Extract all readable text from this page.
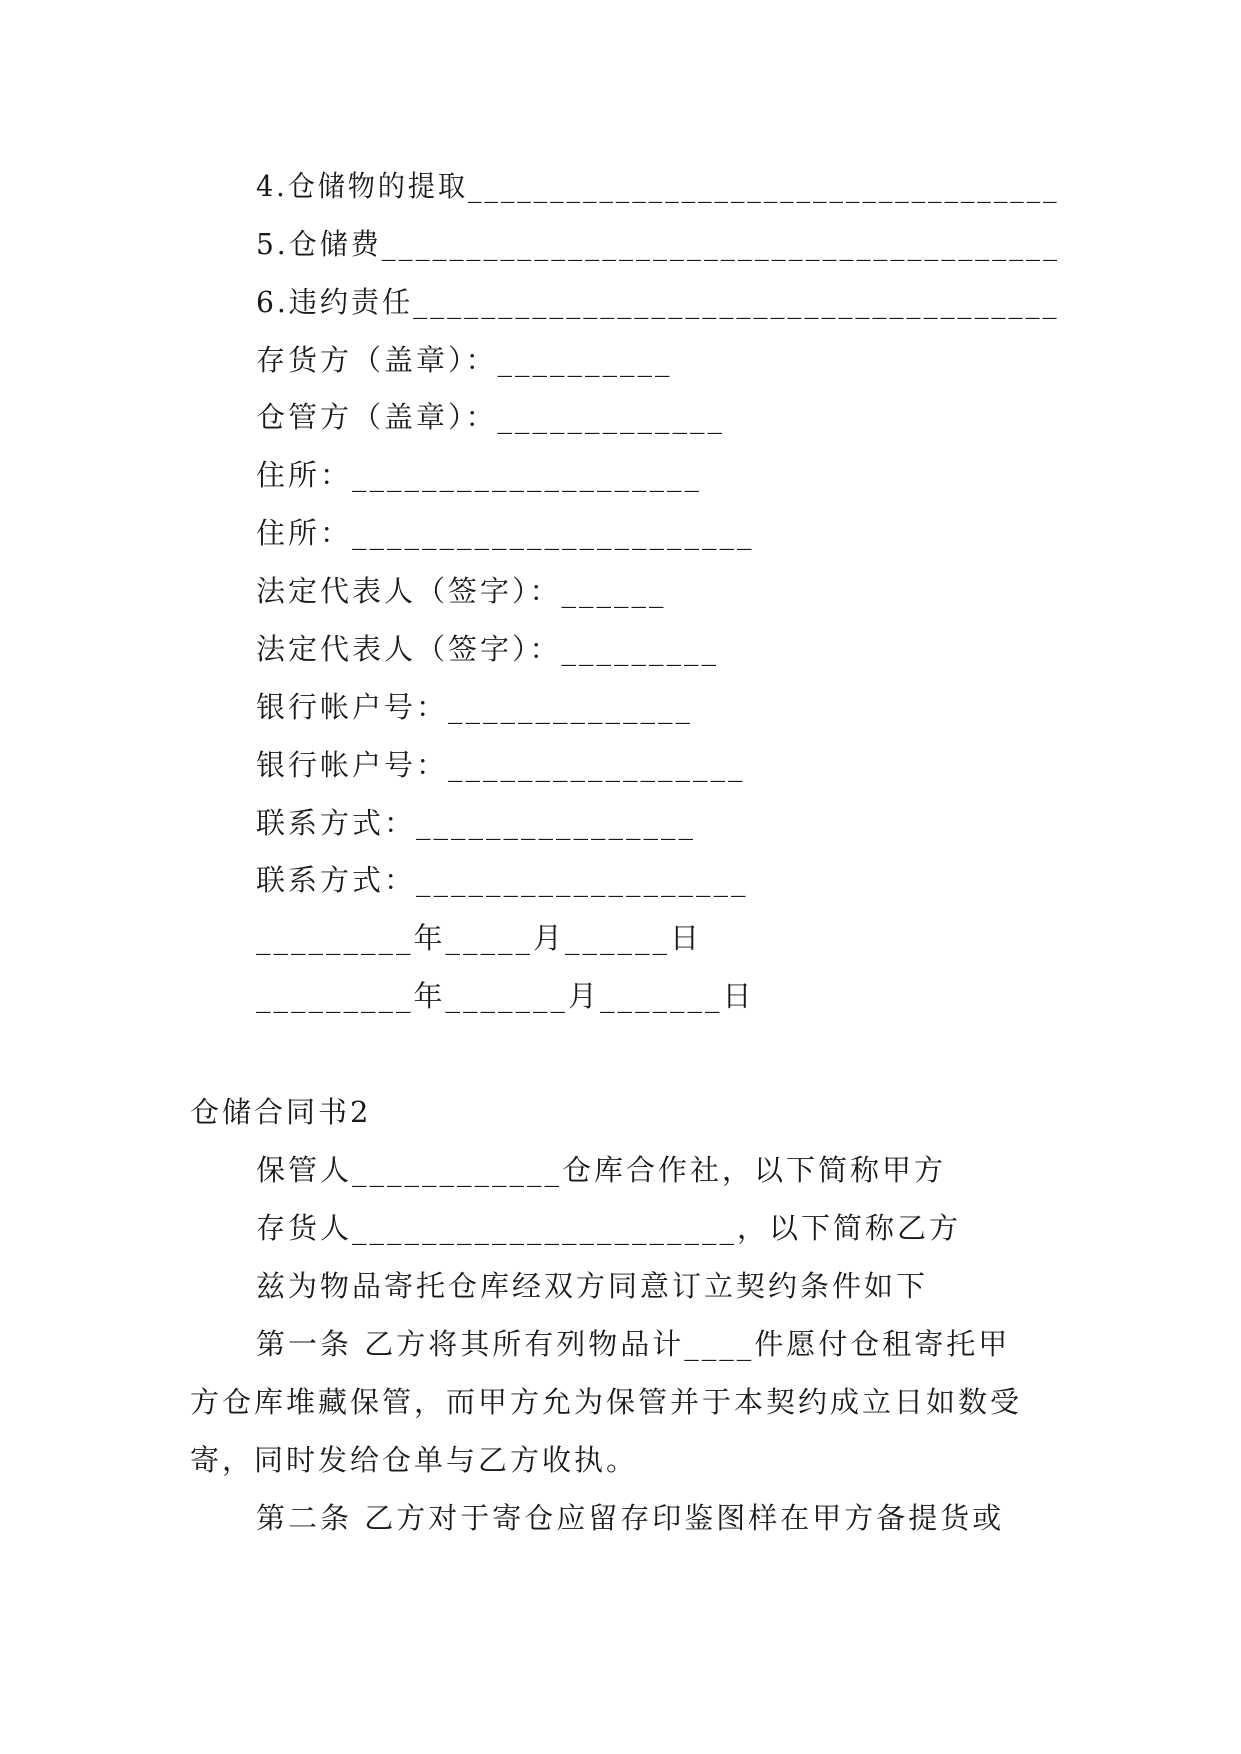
4.仓储物的提取____________________________________
5.仓储费________________________________________
6.违约责任______________________________________
存货方（盖章）：__________
仓管方（盖章）：_____________
住所：____________________
住所：_______________________
法定代表人（签字）：______
法定代表人（签字）：_________
银行帐户号：______________
银行帐户号：_________________
联系方式：________________
联系方式：___________________
_________年_____月______日
_________年_______月_______日
仓储合同书2
保管人____________仓库合作社，以下简称甲方
存货人______________________，以下简称乙方
兹为物品寄托仓库经双方同意订立契约条件如下
第一条 乙方将其所有列物品计____件愿付仓租寄托甲
方仓库堆藏保管，而甲方允为保管并于本契约成立日如数受
寄，同时发给仓单与乙方收执。
第二条 乙方对于寄仓应留存印鉴图样在甲方备提货或
